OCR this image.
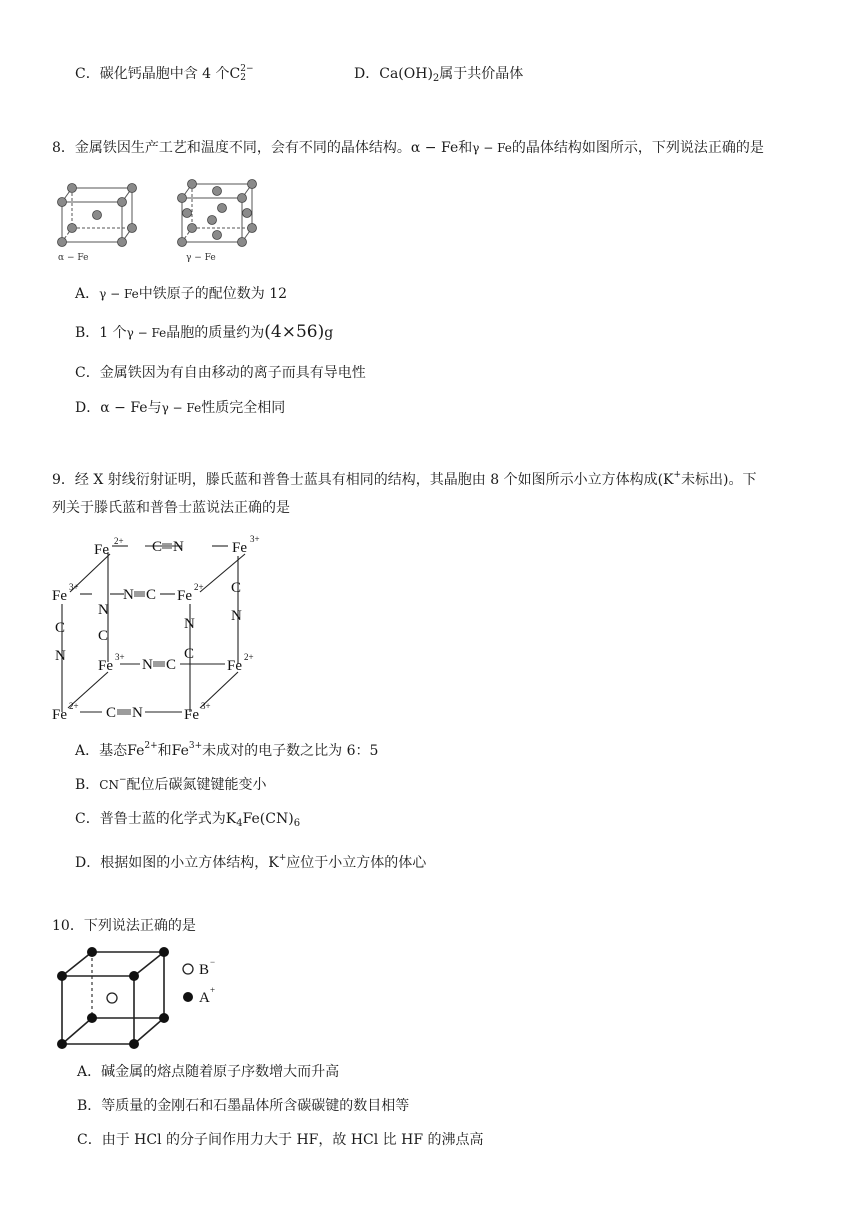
C．碳化钙晶胞中含 4 个C 2−
2	D．$Ca(OH)_2$属于共价晶体
8．金属铁因生产工艺和温度不同，会有不同的晶体结构。α − Fe和γ − Fe的晶体结构如图所示，下列说法正确的是
α − Fe	γ − Fe
A．γ − Fe中铁原子的配位数为 12
B．1 个γ − Fe晶胞的质量约为(4×56)g
C．金属铁因为有自由移动的离子而具有导电性
D．α − Fe与γ − Fe性质完全相同
9．经 X 射线衍射证明，滕氏蓝和普鲁士蓝具有相同的结构，其晶胞由 8 个如图所示小立方体构成(K+未标出)。下
列关于滕氏蓝和普鲁士蓝说法正确的是
Fe
2+	Fe
3+
Fe
3+
Fe
2+
Fe
3+
Fe
2+
Fe
2+
Fe
3+
C N
N C
N C
C N
N
C
C
N
C
N
N
C
A．基态$Fe^{2+}$和$Fe^{3+}$未成对的电子数之比为 6：5
B．CN−配位后碳氮键键能变小
C．普鲁士蓝的化学式为$K_4Fe(CN)_6$
D．根据如图的小立方体结构，K+应位于小立方体的体心
10．下列说法正确的是
B −
A +
A．碱金属的熔点随着原子序数增大而升高
B．等质量的金刚石和石墨晶体所含碳碳键的数目相等
C．由于 HCl 的分子间作用力大于 HF，故 HCl 比 HF 的沸点高
